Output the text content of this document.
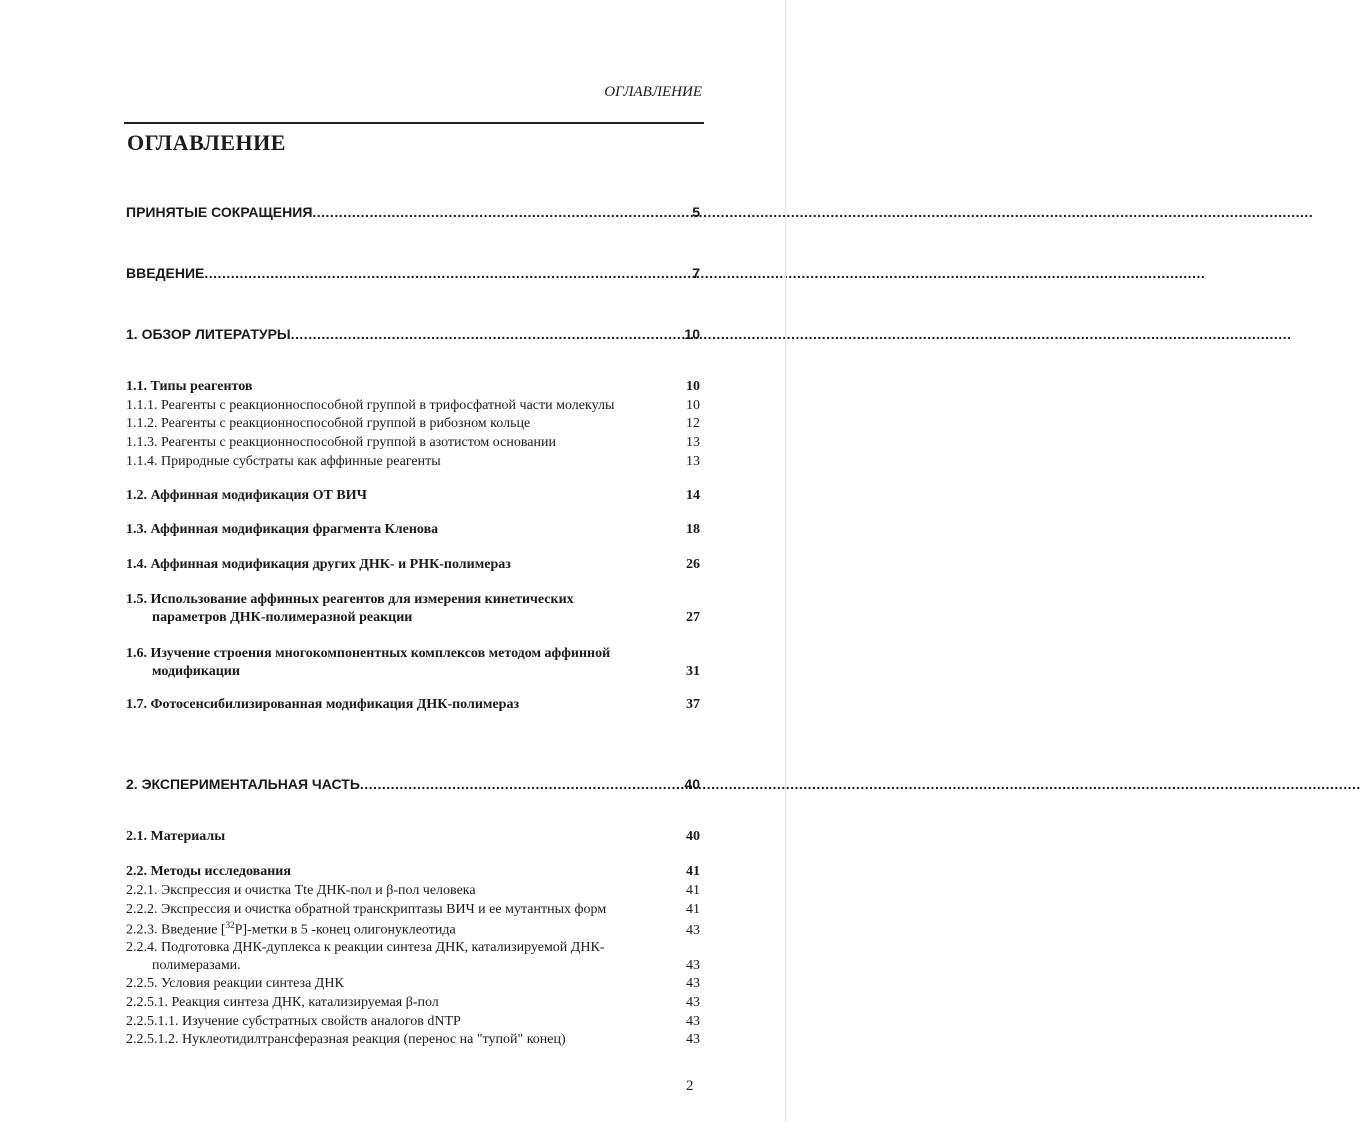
ОГЛАВЛЕНИЕ
ОГЛАВЛЕНИЕ
ПРИНЯТЫЕ СОКРАЩЕНИЯ .....	5
ВВЕДЕНИЕ .....	7
1. ОБЗОР ЛИТЕРАТУРЫ .....	10
1.1. Типы реагентов	10
1.1.1. Реагенты с реакционноспособной группой в трифосфатной части молекулы	10
1.1.2. Реагенты с реакционноспособной группой в рибозном кольце	12
1.1.3. Реагенты с реакционноспособной группой в азотистом основании	13
1.1.4. Природные субстраты как аффинные реагенты	13
1.2. Аффинная модификация ОТ ВИЧ	14
1.3. Аффинная модификация фрагмента Кленова	18
1.4. Аффинная модификация других ДНК- и РНК-полимераз	26
1.5. Использование аффинных реагентов для измерения кинетических
параметров ДНК-полимеразной реакции	27
1.6. Изучение строения многокомпонентных комплексов методом аффинной
модификации	31
1.7. Фотосенсибилизированная модификация ДНК-полимераз	37
2. ЭКСПЕРИМЕНТАЛЬНАЯ ЧАСТЬ .....	40
2.1. Материалы	40
2.2. Методы исследования	41
2.2.1. Экспрессия и очистка Tte ДНК-пол и β-пол человека	41
2.2.2. Экспрессия и очистка обратной транскриптазы ВИЧ и ее мутантных форм	41
2.2.3. Введение [$^{32}$P]-метки в 5 -конец олигонуклеотида	43
2.2.4. Подготовка ДНК-дуплекса к реакции синтеза ДНК, катализируемой ДНК-
полимеразами.	43
2.2.5. Условия реакции синтеза ДНК	43
2.2.5.1. Реакция синтеза ДНК, катализируемая β-пол	43
2.2.5.1.1. Изучение субстратных свойств аналогов dNTP	43
2.2.5.1.2. Нуклеотидилтрансферазная реакция (перенос на "тупой" конец)	43
2
